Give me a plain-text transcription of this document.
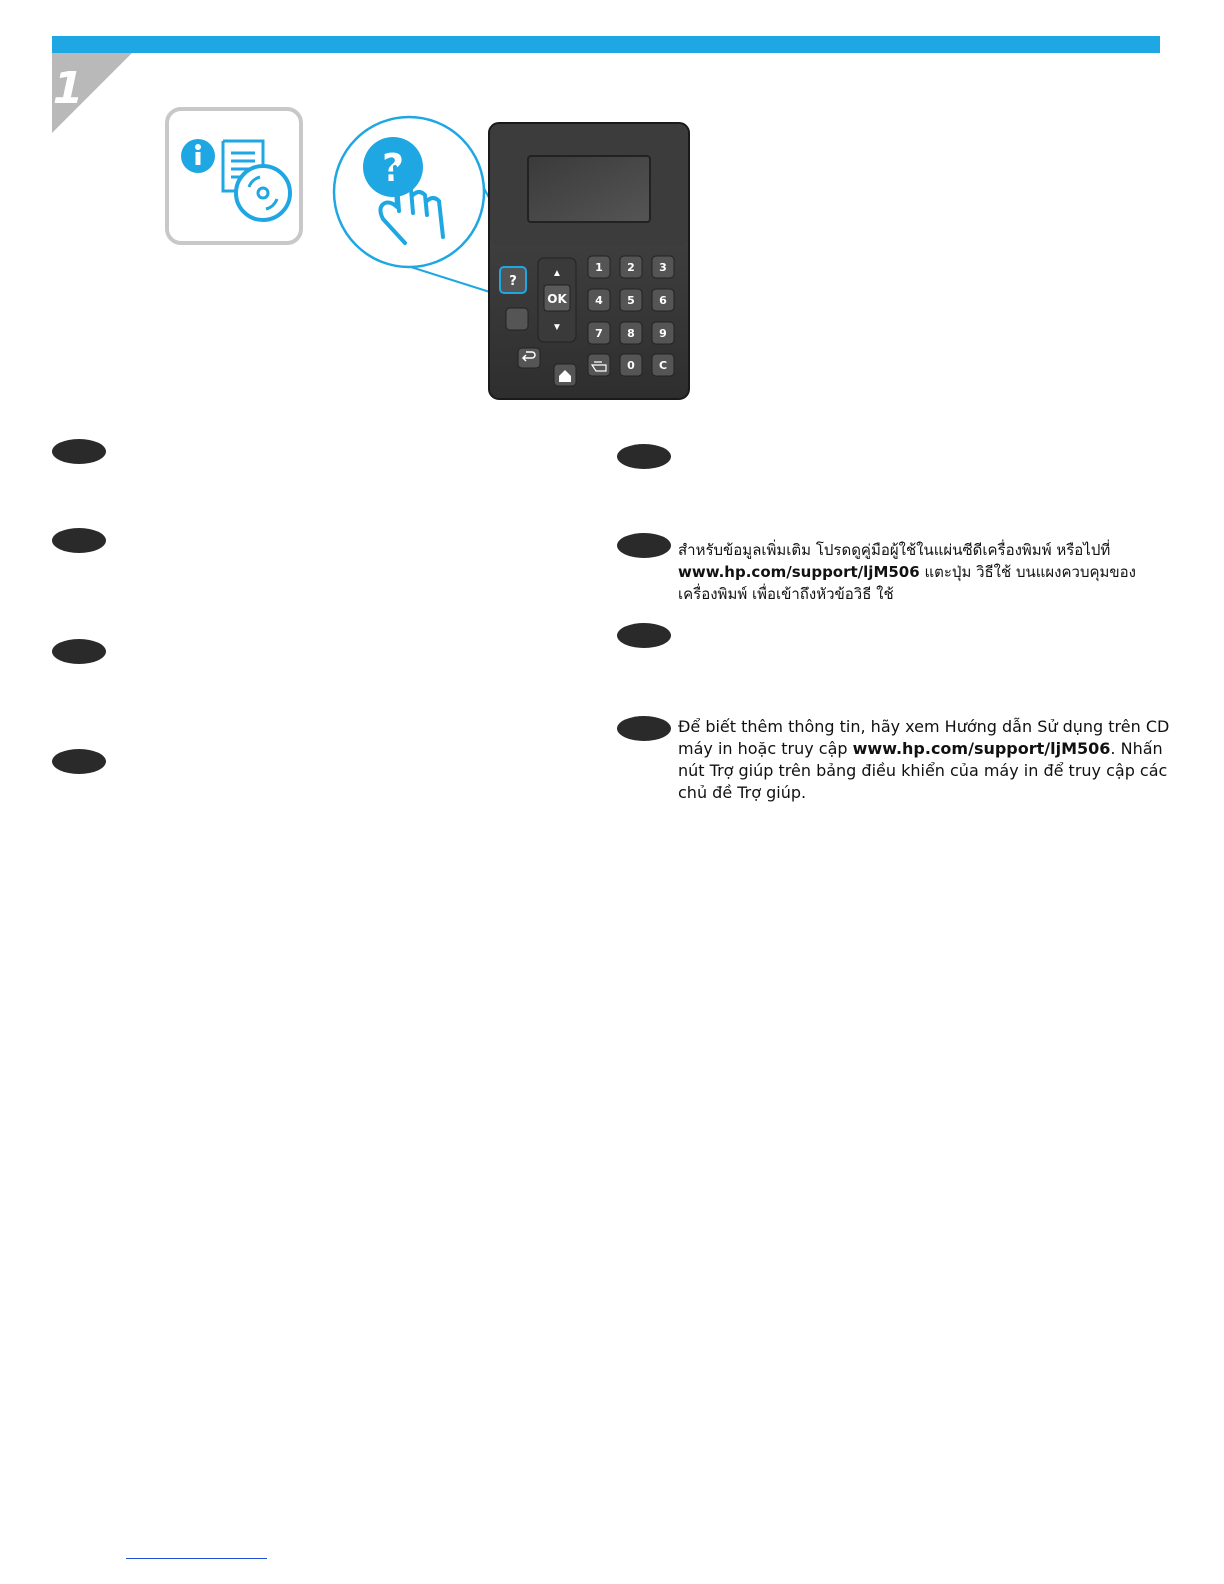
1
?
?
▲
OK
▼
1 2 3
4 5 6
7 8 9
0 C
สำหรับข้อมูลเพิ่มเติม โปรดดูคู่มือผู้ใช้ในแผ่นซีดีเครื่องพิมพ์ หรือไปที่
www.hp.com/support/ljM506 แตะปุ่ม วิธีใช้ บนแผงควบคุมของเครื่องพิมพ์ เพื่อเข้าถึงหัวข้อวิธี ใช้
Để biết thêm thông tin, hãy xem Hướng dẫn Sử dụng trên CD máy in hoặc truy cập www.hp.com/support/ljM506. Nhấn nút Trợ giúp trên bảng điều khiển của máy in để truy cập các chủ đề Trợ giúp.
